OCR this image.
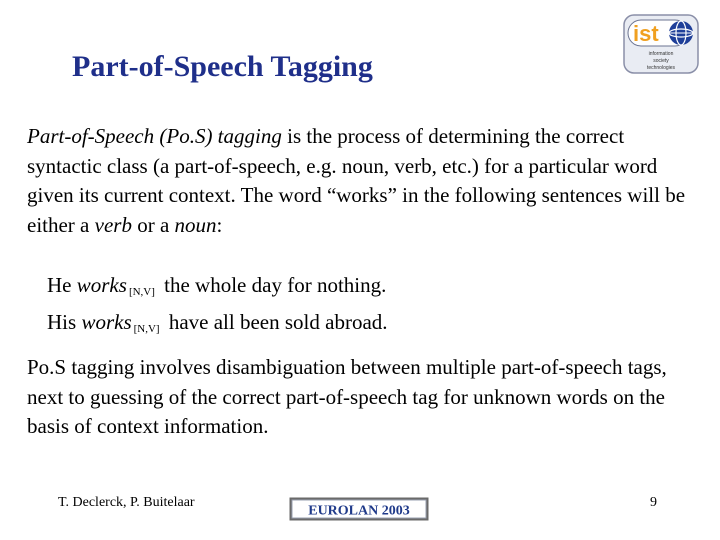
Part-of-Speech Tagging
ist
information
society
technologies
Part-of-Speech (Po.S) tagging is the process of determining the correct syntactic class (a part-of-speech, e.g. noun, verb, etc.) for a particular word given its current context. The word “works” in the following sentences will be either a verb or a noun:
He works [N,V] the whole day for nothing.
His works [N,V] have all been sold abroad.
Po.S tagging involves disambiguation between multiple part-of-speech tags, next to guessing of the correct part-of-speech tag for unknown words on the basis of context information.
T. Declerck, P. Buitelaar
EUROLAN 2003
9
